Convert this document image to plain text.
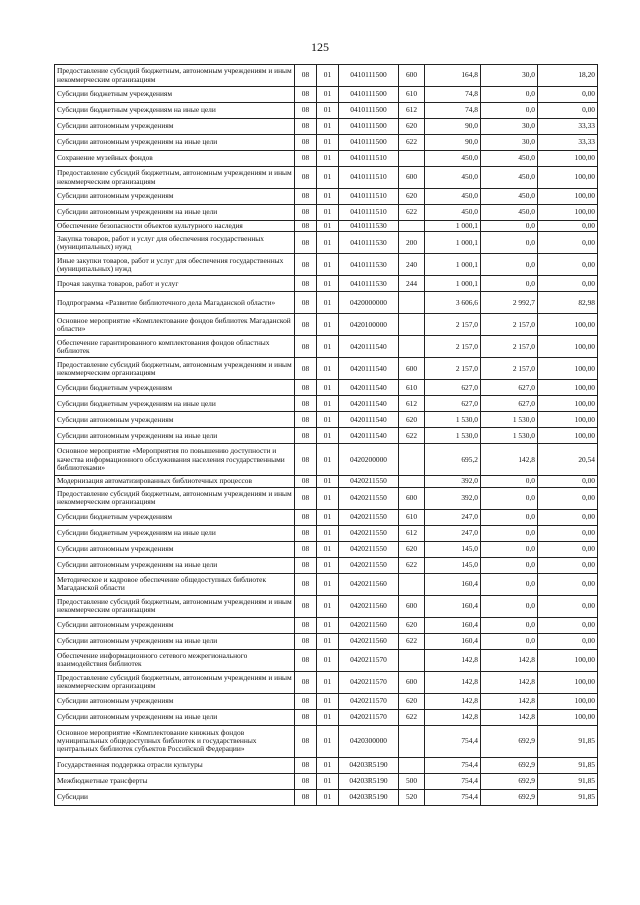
125
Предоставление субсидий бюджетным, автономным учреждениям и иным некоммерческим организациям	08	01	0410111500	600	164,8	30,0	18,20
Субсидии бюджетным учреждениям	08	01	0410111500	610	74,8	0,0	0,00
Субсидии бюджетным учреждениям на иные цели	08	01	0410111500	612	74,8	0,0	0,00
Субсидии автономным учреждениям	08	01	0410111500	620	90,0	30,0	33,33
Субсидии автономным учреждениям на иные цели	08	01	0410111500	622	90,0	30,0	33,33
Сохранение музейных фондов	08	01	0410111510		450,0	450,0	100,00
Предоставление субсидий бюджетным, автономным учреждениям и иным некоммерческим организациям	08	01	0410111510	600	450,0	450,0	100,00
Субсидии автономным учреждениям	08	01	0410111510	620	450,0	450,0	100,00
Субсидии автономным учреждениям на иные цели	08	01	0410111510	622	450,0	450,0	100,00
Обеспечение безопасности объектов культурного наследия	08	01	0410111530		1 000,1	0,0	0,00
Закупка товаров, работ и услуг для обеспечения государственных (муниципальных) нужд	08	01	0410111530	200	1 000,1	0,0	0,00
Иные закупки товаров, работ и услуг для обеспечения государственных (муниципальных) нужд	08	01	0410111530	240	1 000,1	0,0	0,00
Прочая закупка товаров, работ и услуг	08	01	0410111530	244	1 000,1	0,0	0,00
Подпрограмма «Развитие библиотечного дела Магаданской области»	08	01	0420000000		3 606,6	2 992,7	82,98
Основное мероприятие «Комплектование фондов библиотек Магаданской области»	08	01	0420100000		2 157,0	2 157,0	100,00
Обеспечение гарантированного комплектования фондов областных библиотек	08	01	0420111540		2 157,0	2 157,0	100,00
Предоставление субсидий бюджетным, автономным учреждениям и иным некоммерческим организациям	08	01	0420111540	600	2 157,0	2 157,0	100,00
Субсидии бюджетным учреждениям	08	01	0420111540	610	627,0	627,0	100,00
Субсидии бюджетным учреждениям на иные цели	08	01	0420111540	612	627,0	627,0	100,00
Субсидии автономным учреждениям	08	01	0420111540	620	1 530,0	1 530,0	100,00
Субсидии автономным учреждениям на иные цели	08	01	0420111540	622	1 530,0	1 530,0	100,00
Основное мероприятие «Мероприятия по повышению доступности и качества информационного обслуживания населения государственными библиотеками»	08	01	0420200000		695,2	142,8	20,54
Модернизация автоматизированных библиотечных процессов	08	01	0420211550		392,0	0,0	0,00
Предоставление субсидий бюджетным, автономным учреждениям и иным некоммерческим организациям	08	01	0420211550	600	392,0	0,0	0,00
Субсидии бюджетным учреждениям	08	01	0420211550	610	247,0	0,0	0,00
Субсидии бюджетным учреждениям на иные цели	08	01	0420211550	612	247,0	0,0	0,00
Субсидии автономным учреждениям	08	01	0420211550	620	145,0	0,0	0,00
Субсидии автономным учреждениям на иные цели	08	01	0420211550	622	145,0	0,0	0,00
Методическое и кадровое обеспечение общедоступных библиотек Магаданской области	08	01	0420211560		160,4	0,0	0,00
Предоставление субсидий бюджетным, автономным учреждениям и иным некоммерческим организациям	08	01	0420211560	600	160,4	0,0	0,00
Субсидии автономным учреждениям	08	01	0420211560	620	160,4	0,0	0,00
Субсидии автономным учреждениям на иные цели	08	01	0420211560	622	160,4	0,0	0,00
Обеспечение информационного сетевого межрегионального взаимодействия библиотек	08	01	0420211570		142,8	142,8	100,00
Предоставление субсидий бюджетным, автономным учреждениям и иным некоммерческим организациям	08	01	0420211570	600	142,8	142,8	100,00
Субсидии автономным учреждениям	08	01	0420211570	620	142,8	142,8	100,00
Субсидии автономным учреждениям на иные цели	08	01	0420211570	622	142,8	142,8	100,00
Основное мероприятие «Комплектование книжных фондов муниципальных общедоступных библиотек и государственных центральных библиотек субъектов Российской Федерации»	08	01	0420300000		754,4	692,9	91,85
Государственная поддержка отрасли культуры	08	01	04203R5190		754,4	692,9	91,85
Межбюджетные трансферты	08	01	04203R5190	500	754,4	692,9	91,85
Субсидии	08	01	04203R5190	520	754,4	692,9	91,85
